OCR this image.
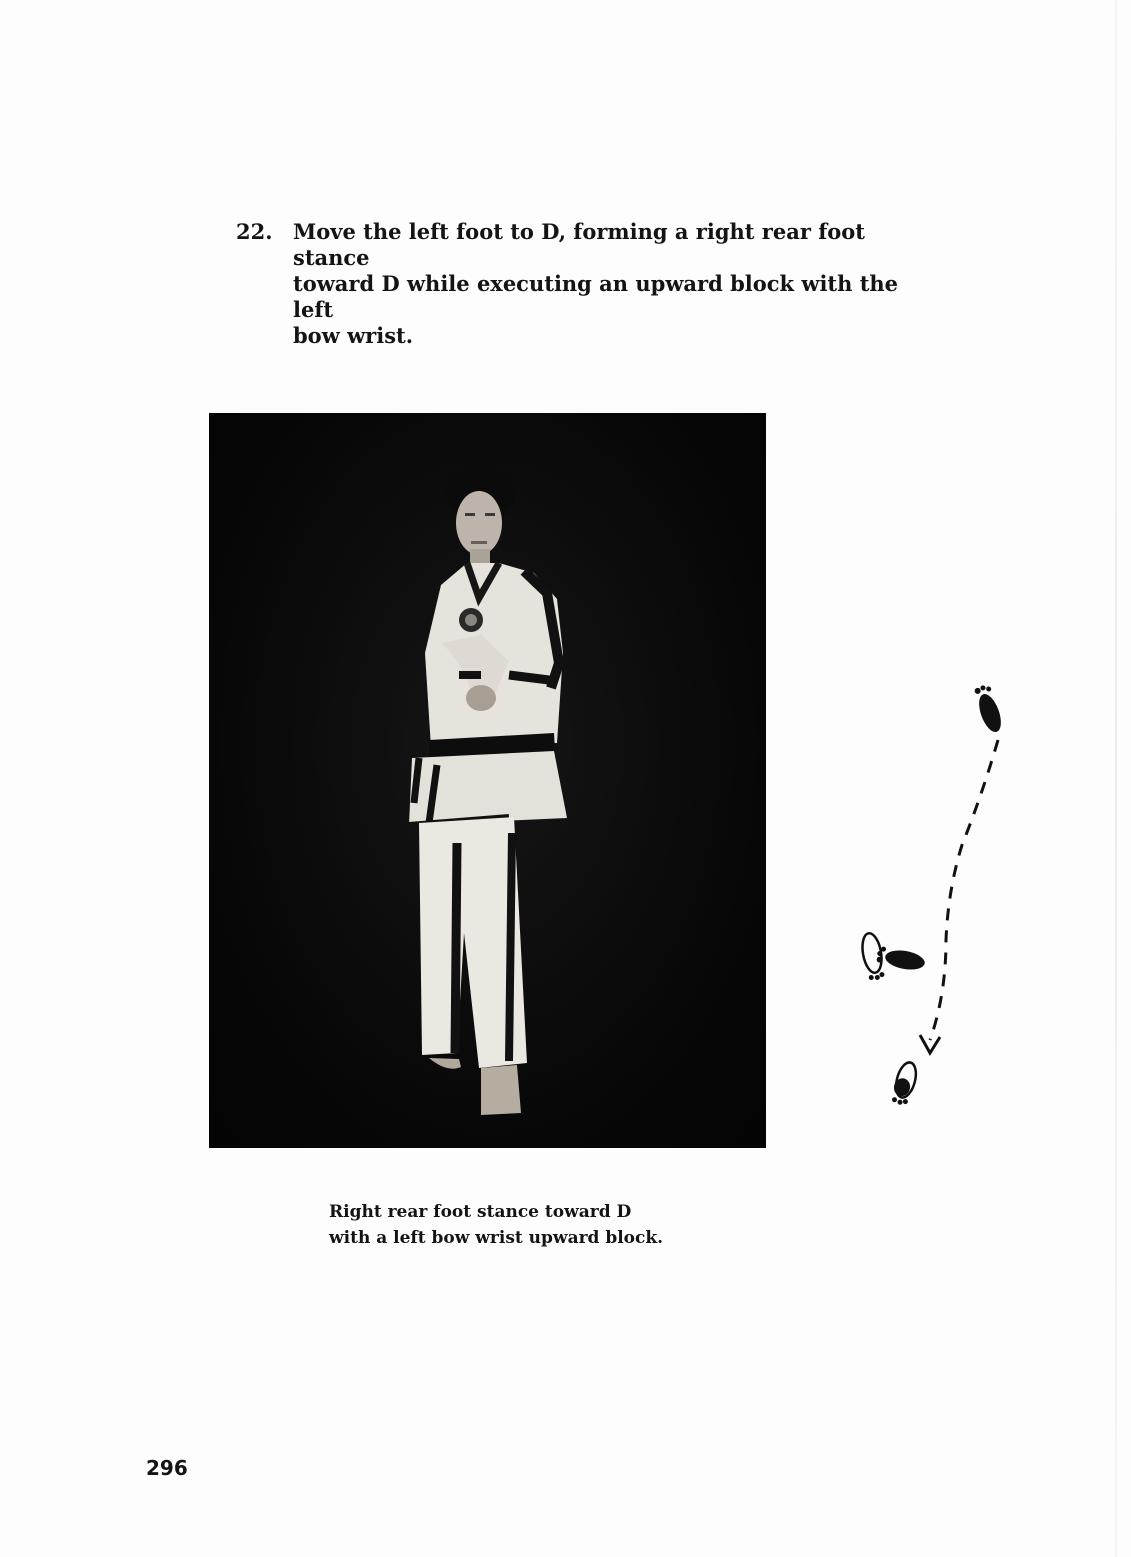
22. Move the left foot to D, forming a right rear foot stance
toward D while executing an upward block with the left
bow wrist.
Right rear foot stance toward D
with a left bow wrist upward block.
296
